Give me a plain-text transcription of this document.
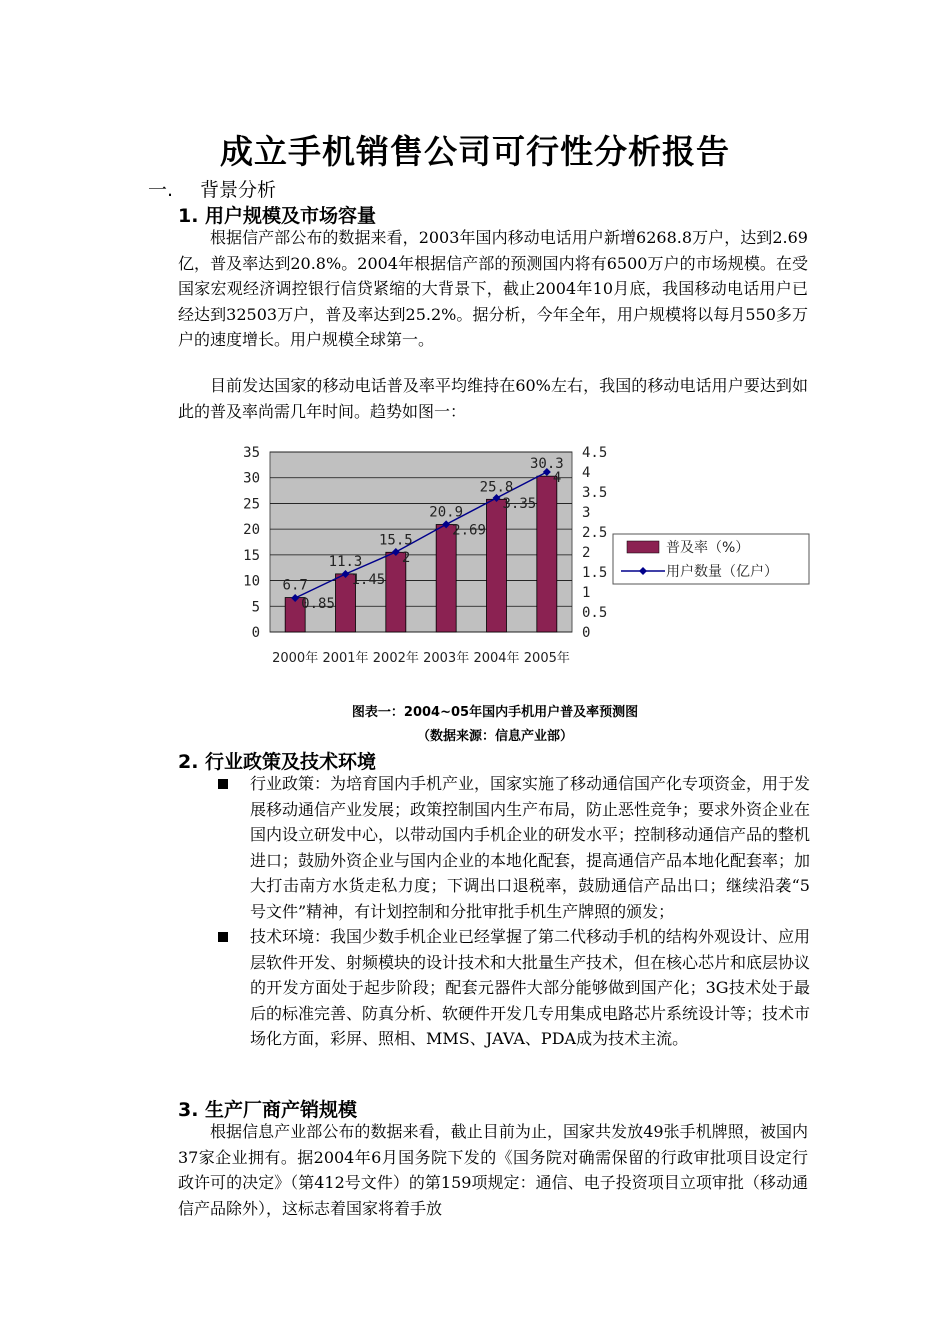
成立手机销售公司可行性分析报告

一. 背景分析

1. 用户规模及市场容量

根据信产部公布的数据来看，2003年国内移动电话用户新增6268.8万户，达到2.69亿，普及率达到20.8%。2004年根据信产部的预测国内将有6500万户的市场规模。在受国家宏观经济调控银行信贷紧缩的大背景下，截止2004年10月底，我国移动电话用户已经达到32503万户，普及率达到25.2%。据分析，今年全年，用户规模将以每月550多万户的速度增长。用户规模全球第一。

目前发达国家的移动电话普及率平均维持在60%左右，我国的移动电话用户要达到如此的普及率尚需几年时间。趋势如图一：

35
30
25
20
15
10
5
0
4.5
4
3.5
3
2.5
2
1.5
1
0.5
0
6.7
11.3
15.5
20.9
25.8
30.3
0.85
1.45
2
2.69
3.35
4
2000年 2001年 2002年 2003年 2004年 2005年
普及率（%）
用户数量（亿户）

图表一：2004~05年国内手机用户普及率预测图

（数据来源：信息产业部）

2. 行业政策及技术环境

行业政策：为培育国内手机产业，国家实施了移动通信国产化专项资金，用于发展移动通信产业发展；政策控制国内生产布局，防止恶性竞争；要求外资企业在国内设立研发中心，以带动国内手机企业的研发水平；控制移动通信产品的整机进口；鼓励外资企业与国内企业的本地化配套，提高通信产品本地化配套率；加大打击南方水货走私力度；下调出口退税率，鼓励通信产品出口；继续沿袭“5号文件”精神，有计划控制和分批审批手机生产牌照的颁发；
技术环境：我国少数手机企业已经掌握了第二代移动手机的结构外观设计、应用层软件开发、射频模块的设计技术和大批量生产技术，但在核心芯片和底层协议的开发方面处于起步阶段；配套元器件大部分能够做到国产化；3G技术处于最后的标准完善、防真分析、软硬件开发几专用集成电路芯片系统设计等；技术市场化方面，彩屏、照相、MMS、JAVA、PDA成为技术主流。

3. 生产厂商产销规模

根据信息产业部公布的数据来看，截止目前为止，国家共发放49张手机牌照，被国内37家企业拥有。据2004年6月国务院下发的《国务院对确需保留的行政审批项目设定行政许可的决定》（第412号文件）的第159项规定：通信、电子投资项目立项审批（移动通信产品除外），这标志着国家将着手放
